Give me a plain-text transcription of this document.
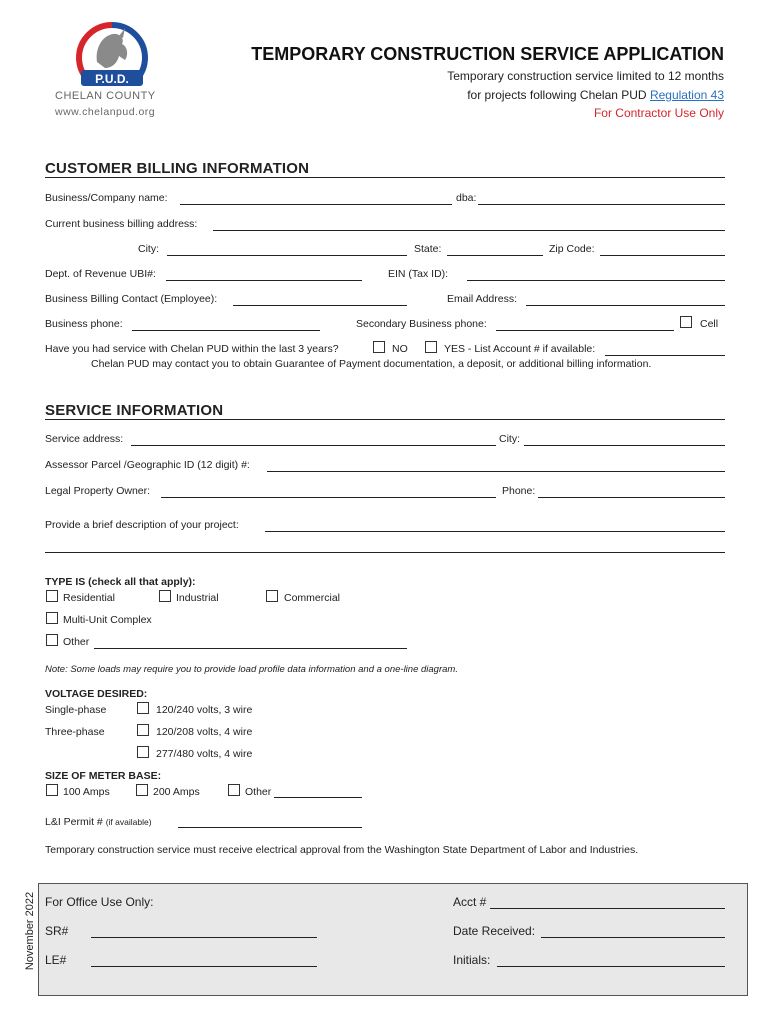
P.U.D.
CHELAN COUNTY
www.chelanpud.org
TEMPORARY CONSTRUCTION SERVICE APPLICATION
Temporary construction service limited to 12 months
for projects following Chelan PUD Regulation 43
For Contractor Use Only
CUSTOMER BILLING INFORMATION
Business/Company name:	dba:
Current business billing address:
City:	State:	Zip Code:
Dept. of Revenue UBI#:	EIN (Tax ID):
Business Billing Contact (Employee):	Email Address:
Business phone:	Secondary Business phone:	Cell
Have you had service with Chelan PUD within the last 3 years?	NO	YES - List Account # if available:
Chelan PUD may contact you to obtain Guarantee of Payment documentation, a deposit, or additional billing information.
SERVICE INFORMATION
Service address:	City:
Assessor Parcel /Geographic ID (12 digit) #:
Legal Property Owner:	Phone:
Provide a brief description of your project:
TYPE IS (check all that apply):
Residential	Industrial	Commercial
Multi-Unit Complex
Other
Note: Some loads may require you to provide load profile data information and a one-line diagram.
VOLTAGE DESIRED:
Single-phase	120/240 volts, 3 wire
Three-phase	120/208 volts, 4 wire
277/480 volts, 4 wire
SIZE OF METER BASE:
100 Amps	200 Amps	Other
L&I Permit # (if available)
Temporary construction service must receive electrical approval from the Washington State Department of Labor and Industries.
November 2022 For Office Use Only:	Acct #
SR#	Date Received:
LE#	Initials:
